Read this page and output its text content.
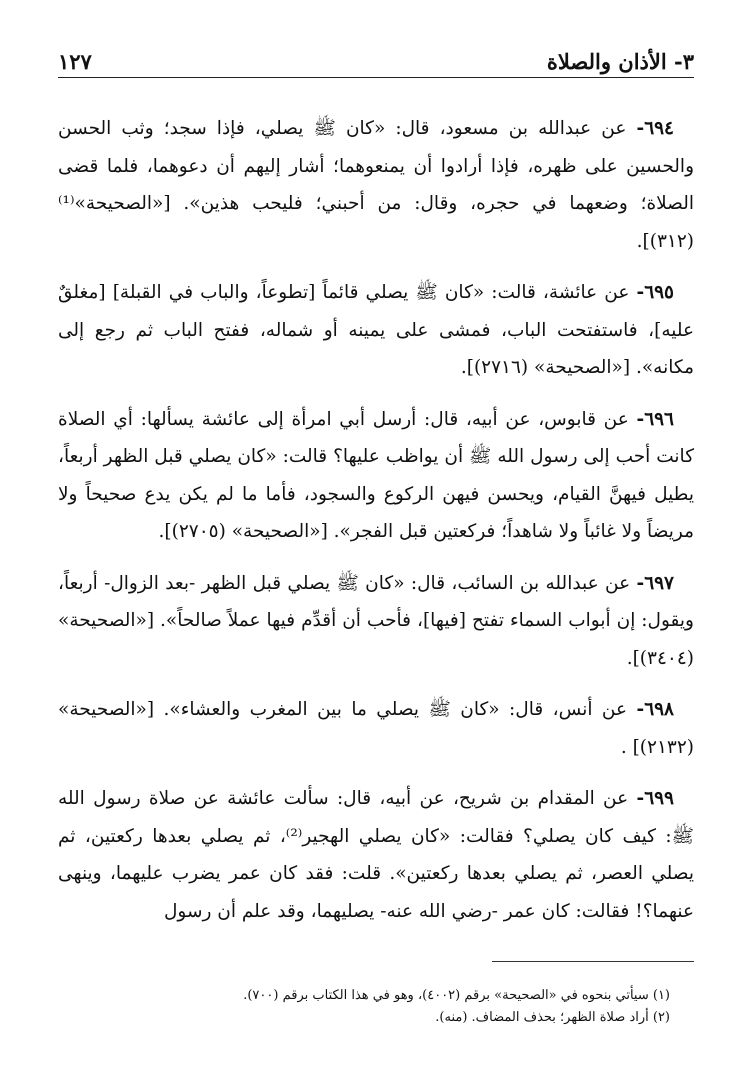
٣- الأذان والصلاة
١٢٧

٦٩٤- عن عبدالله بن مسعود، قال: «كان ﷺ يصلي، فإذا سجد؛ وثب الحسن والحسين على ظهره، فإذا أرادوا أن يمنعوهما؛ أشار إليهم أن دعوهما، فلما قضى الصلاة؛ وضعهما في حجره، وقال: من أحبني؛ فليحب هذين». [«الصحيحة»⁽¹⁾ (٣١٢)].

٦٩٥- عن عائشة، قالت: «كان ﷺ يصلي قائماً [تطوعاً، والباب في القبلة] [مغلقٌ عليه]، فاستفتحت الباب، فمشى على يمينه أو شماله، ففتح الباب ثم رجع إلى مكانه». [«الصحيحة» (٢٧١٦)].

٦٩٦- عن قابوس، عن أبيه، قال: أرسل أبي امرأة إلى عائشة يسألها: أي الصلاة كانت أحب إلى رسول الله ﷺ أن يواظب عليها؟ قالت: «كان يصلي قبل الظهر أربعاً، يطيل فيهنَّ القيام، ويحسن فيهن الركوع والسجود، فأما ما لم يكن يدع صحيحاً ولا مريضاً ولا غائباً ولا شاهداً؛ فركعتين قبل الفجر». [«الصحيحة» (٢٧٠٥)].

٦٩٧- عن عبدالله بن السائب، قال: «كان ﷺ يصلي قبل الظهر -بعد الزوال- أربعاً، ويقول: إن أبواب السماء تفتح [فيها]، فأحب أن أقدِّم فيها عملاً صالحاً». [«الصحيحة» (٣٤٠٤)].

٦٩٨- عن أنس، قال: «كان ﷺ يصلي ما بين المغرب والعشاء». [«الصحيحة» (٢١٣٢)] .

٦٩٩- عن المقدام بن شريح، عن أبيه، قال: سألت عائشة عن صلاة رسول الله ﷺ: كيف كان يصلي؟ فقالت: «كان يصلي الهجير⁽²⁾، ثم يصلي بعدها ركعتين، ثم يصلي العصر، ثم يصلي بعدها ركعتين». قلت: فقد كان عمر يضرب عليهما، وينهى عنهما؟! فقالت: كان عمر -رضي الله عنه- يصليهما، وقد علم أن رسول

(١) سيأتي بنحوه في «الصحيحة» برقم (٤٠٠٢)، وهو في هذا الكتاب برقم (٧٠٠).

(٢) أراد صلاة الظهر؛ بحذف المضاف. (منه).
